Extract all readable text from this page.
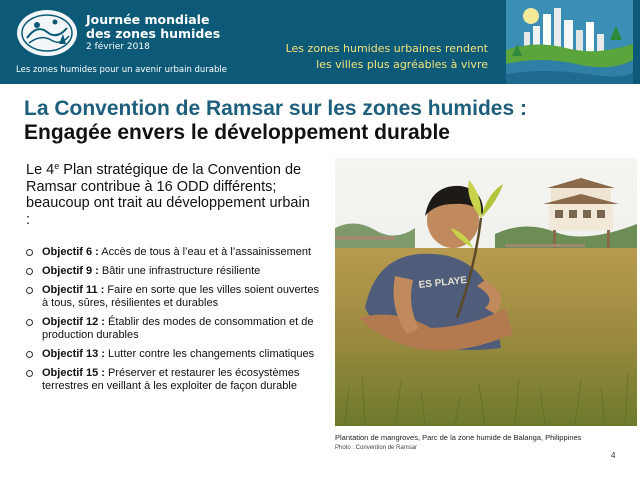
Journée mondiale
des zones humides
2 février 2018
Les zones humides pour un avenir urbain durable
Les zones humides urbaines rendent
les villes plus agréables à vivre
La Convention de Ramsar sur les zones humides :
Engagée envers le développement durable
Le 4e Plan stratégique de la Convention de Ramsar contribue à 16 ODD différents; beaucoup ont trait au développement urbain :
Objectif 6 : Accès de tous à l’eau et à l’assainissement
Objectif 9 : Bâtir une infrastructure résiliente
Objectif 11 : Faire en sorte que les villes soient ouvertes à tous, sûres, résilientes et durables
Objectif 12 : Établir des modes de consommation et de production durables
Objectif 13 : Lutter contre les changements climatiques
Objectif 15 : Préserver et restaurer les écosystèmes terrestres en veillant à les exploiter de façon durable
ES PLAYE
Plantation de mangroves, Parc de la zone humide de Balanga, Philippines
Photo : Convention de Ramsar
4
